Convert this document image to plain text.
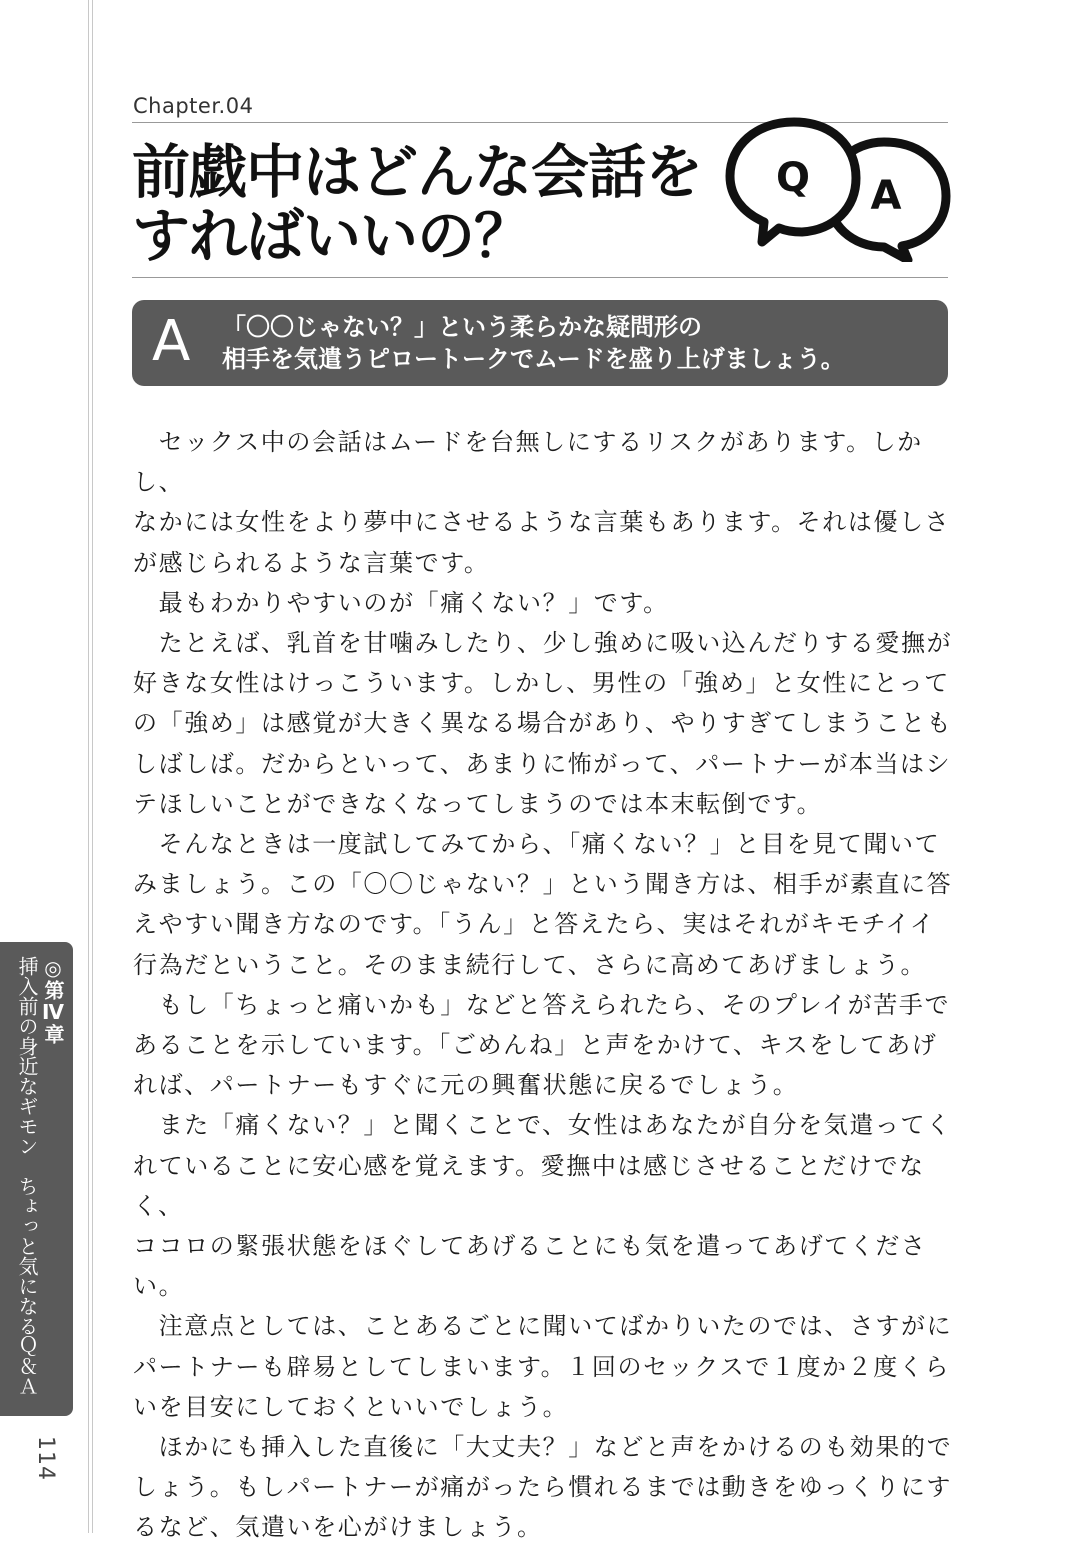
Chapter.04
前戯中はどんな会話を
すればいいの？
A
Q
A 「〇〇じゃない？」という柔らかな疑問形の
相手を気遣うピロートークでムードを盛り上げましょう。

セックス中の会話はムードを台無しにするリスクがあります。しかし、

なかには女性をより夢中にさせるような言葉もあります。それは優しさ

が感じられるような言葉です。

最もわかりやすいのが「痛くない？」です。

たとえば、乳首を甘噛みしたり、少し強めに吸い込んだりする愛撫が

好きな女性はけっこういます。しかし、男性の「強め」と女性にとって

の「強め」は感覚が大きく異なる場合があり、やりすぎてしまうことも

しばしば。だからといって、あまりに怖がって、パートナーが本当はシ

テほしいことができなくなってしまうのでは本末転倒です。

そんなときは一度試してみてから、「痛くない？」と目を見て聞いて

みましょう。この「〇〇じゃない？」という聞き方は、相手が素直に答

えやすい聞き方なのです。「うん」と答えたら、実はそれがキモチイイ

行為だということ。そのまま続行して、さらに高めてあげましょう。

もし「ちょっと痛いかも」などと答えられたら、そのプレイが苦手で

あることを示しています。「ごめんね」と声をかけて、キスをしてあげ

れば、パートナーもすぐに元の興奮状態に戻るでしょう。

また「痛くない？」と聞くことで、女性はあなたが自分を気遣ってく

れていることに安心感を覚えます。愛撫中は感じさせることだけでなく、

ココロの緊張状態をほぐしてあげることにも気を遣ってあげてください。

注意点としては、ことあるごとに聞いてばかりいたのでは、さすがに

パートナーも辟易としてしまいます。１回のセックスで１度か２度くら

いを目安にしておくといいでしょう。

ほかにも挿入した直後に「大丈夫？」などと声をかけるのも効果的で

しょう。もしパートナーが痛がったら慣れるまでは動きをゆっくりにす

るなど、気遣いを心がけましょう。

◎第Ⅳ章
挿入前の身近なギモン　ちょっと気になるＱ＆Ａ
114
